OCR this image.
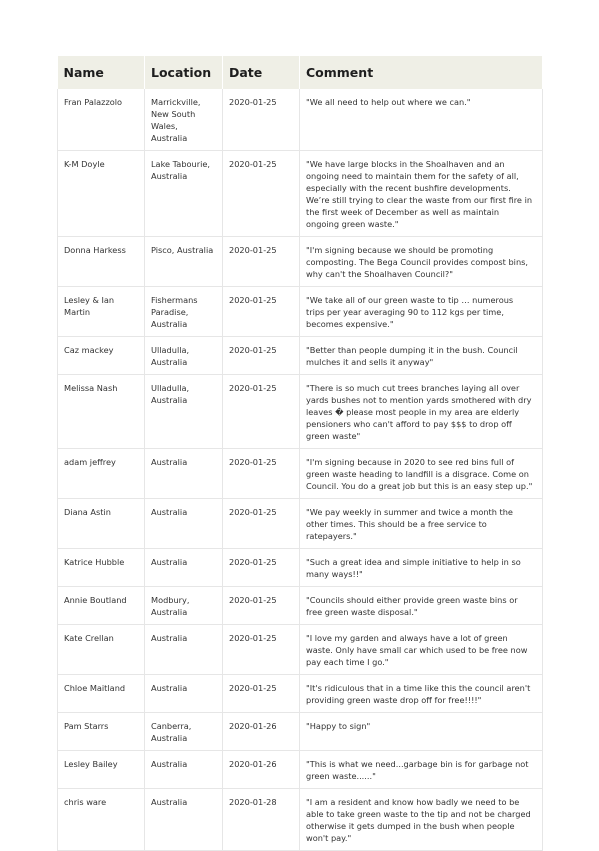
Name	Location	Date	Comment
Fran Palazzolo	Marrickville, New South Wales, Australia	2020-01-25	"We all need to help out where we can."
K-M Doyle	Lake Tabourie, Australia	2020-01-25	"We have large blocks in the Shoalhaven and an ongoing need to maintain them for the safety of all, especially with the recent bushfire developments. We’re still trying to clear the waste from our first fire in the first week of December as well as maintain ongoing green waste."
Donna Harkess	Pisco, Australia	2020-01-25	"I'm signing because we should be promoting composting. The Bega Council provides compost bins, why can't the Shoalhaven Council?"
Lesley & Ian Martin	Fishermans Paradise, Australia	2020-01-25	"We take all of our green waste to tip … numerous trips per year averaging 90 to 112 kgs per time, becomes expensive."
Caz mackey	Ulladulla, Australia	2020-01-25	"Better than people dumping it in the bush. Council mulches it and sells it anyway"
Melissa Nash	Ulladulla, Australia	2020-01-25	"There is so much cut trees branches laying all over yards bushes not to mention yards smothered with dry leaves � please most people in my area are elderly pensioners who can't afford to pay $$$ to drop off green waste"
adam jeffrey	Australia	2020-01-25	"I'm signing because in 2020 to see red bins full of green waste heading to landfill is a disgrace. Come on Council. You do a great job but this is an easy step up."
Diana Astin	Australia	2020-01-25	"We pay weekly in summer and twice a month the other times. This should be a free service to ratepayers."
Katrice Hubble	Australia	2020-01-25	"Such a great idea and simple initiative to help in so many ways!!"
Annie Boutland	Modbury, Australia	2020-01-25	"Councils should either provide green waste bins or free green waste disposal."
Kate Crellan	Australia	2020-01-25	"I love my garden and always have a lot of green waste. Only have small car which used to be free now pay each time I go."
Chloe Maitland	Australia	2020-01-25	"It's ridiculous that in a time like this the council aren't providing green waste drop off for free!!!!"
Pam Starrs	Canberra, Australia	2020-01-26	"Happy to sign"
Lesley Bailey	Australia	2020-01-26	"This is what we need...garbage bin is for garbage not green waste......"
chris ware	Australia	2020-01-28	"I am a resident and know how badly we need to be able to take green waste to the tip and not be charged otherwise it gets dumped in the bush when people won't pay."
